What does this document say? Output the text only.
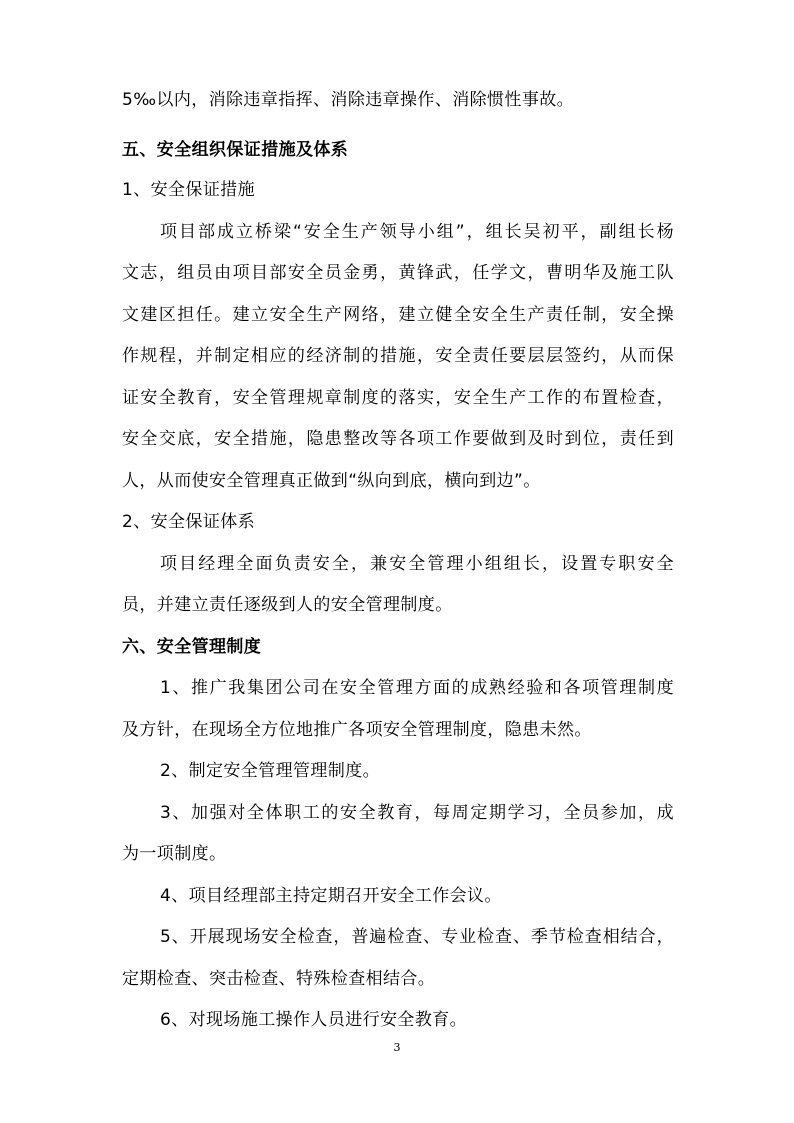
5‰以内，消除违章指挥、消除违章操作、消除惯性事故。
五、安全组织保证措施及体系
1、安全保证措施
项目部成立桥梁“安全生产领导小组”，组长吴初平，副组长杨
文志，组员由项目部安全员金勇，黄锋武，任学文，曹明华及施工队
文建区担任。建立安全生产网络，建立健全安全生产责任制，安全操
作规程，并制定相应的经济制的措施，安全责任要层层签约，从而保
证安全教育，安全管理规章制度的落实，安全生产工作的布置检查，
安全交底，安全措施，隐患整改等各项工作要做到及时到位，责任到
人，从而使安全管理真正做到“纵向到底，横向到边”。
2、安全保证体系
项目经理全面负责安全，兼安全管理小组组长，设置专职安全
员，并建立责任逐级到人的安全管理制度。
六、安全管理制度
1、推广我集团公司在安全管理方面的成熟经验和各项管理制度
及方针，在现场全方位地推广各项安全管理制度，隐患未然。
2、制定安全管理管理制度。
3、加强对全体职工的安全教育，每周定期学习，全员参加，成
为一项制度。
4、项目经理部主持定期召开安全工作会议。
5、开展现场安全检查，普遍检查、专业检查、季节检查相结合，
定期检查、突击检查、特殊检查相结合。
6、对现场施工操作人员进行安全教育。
3
